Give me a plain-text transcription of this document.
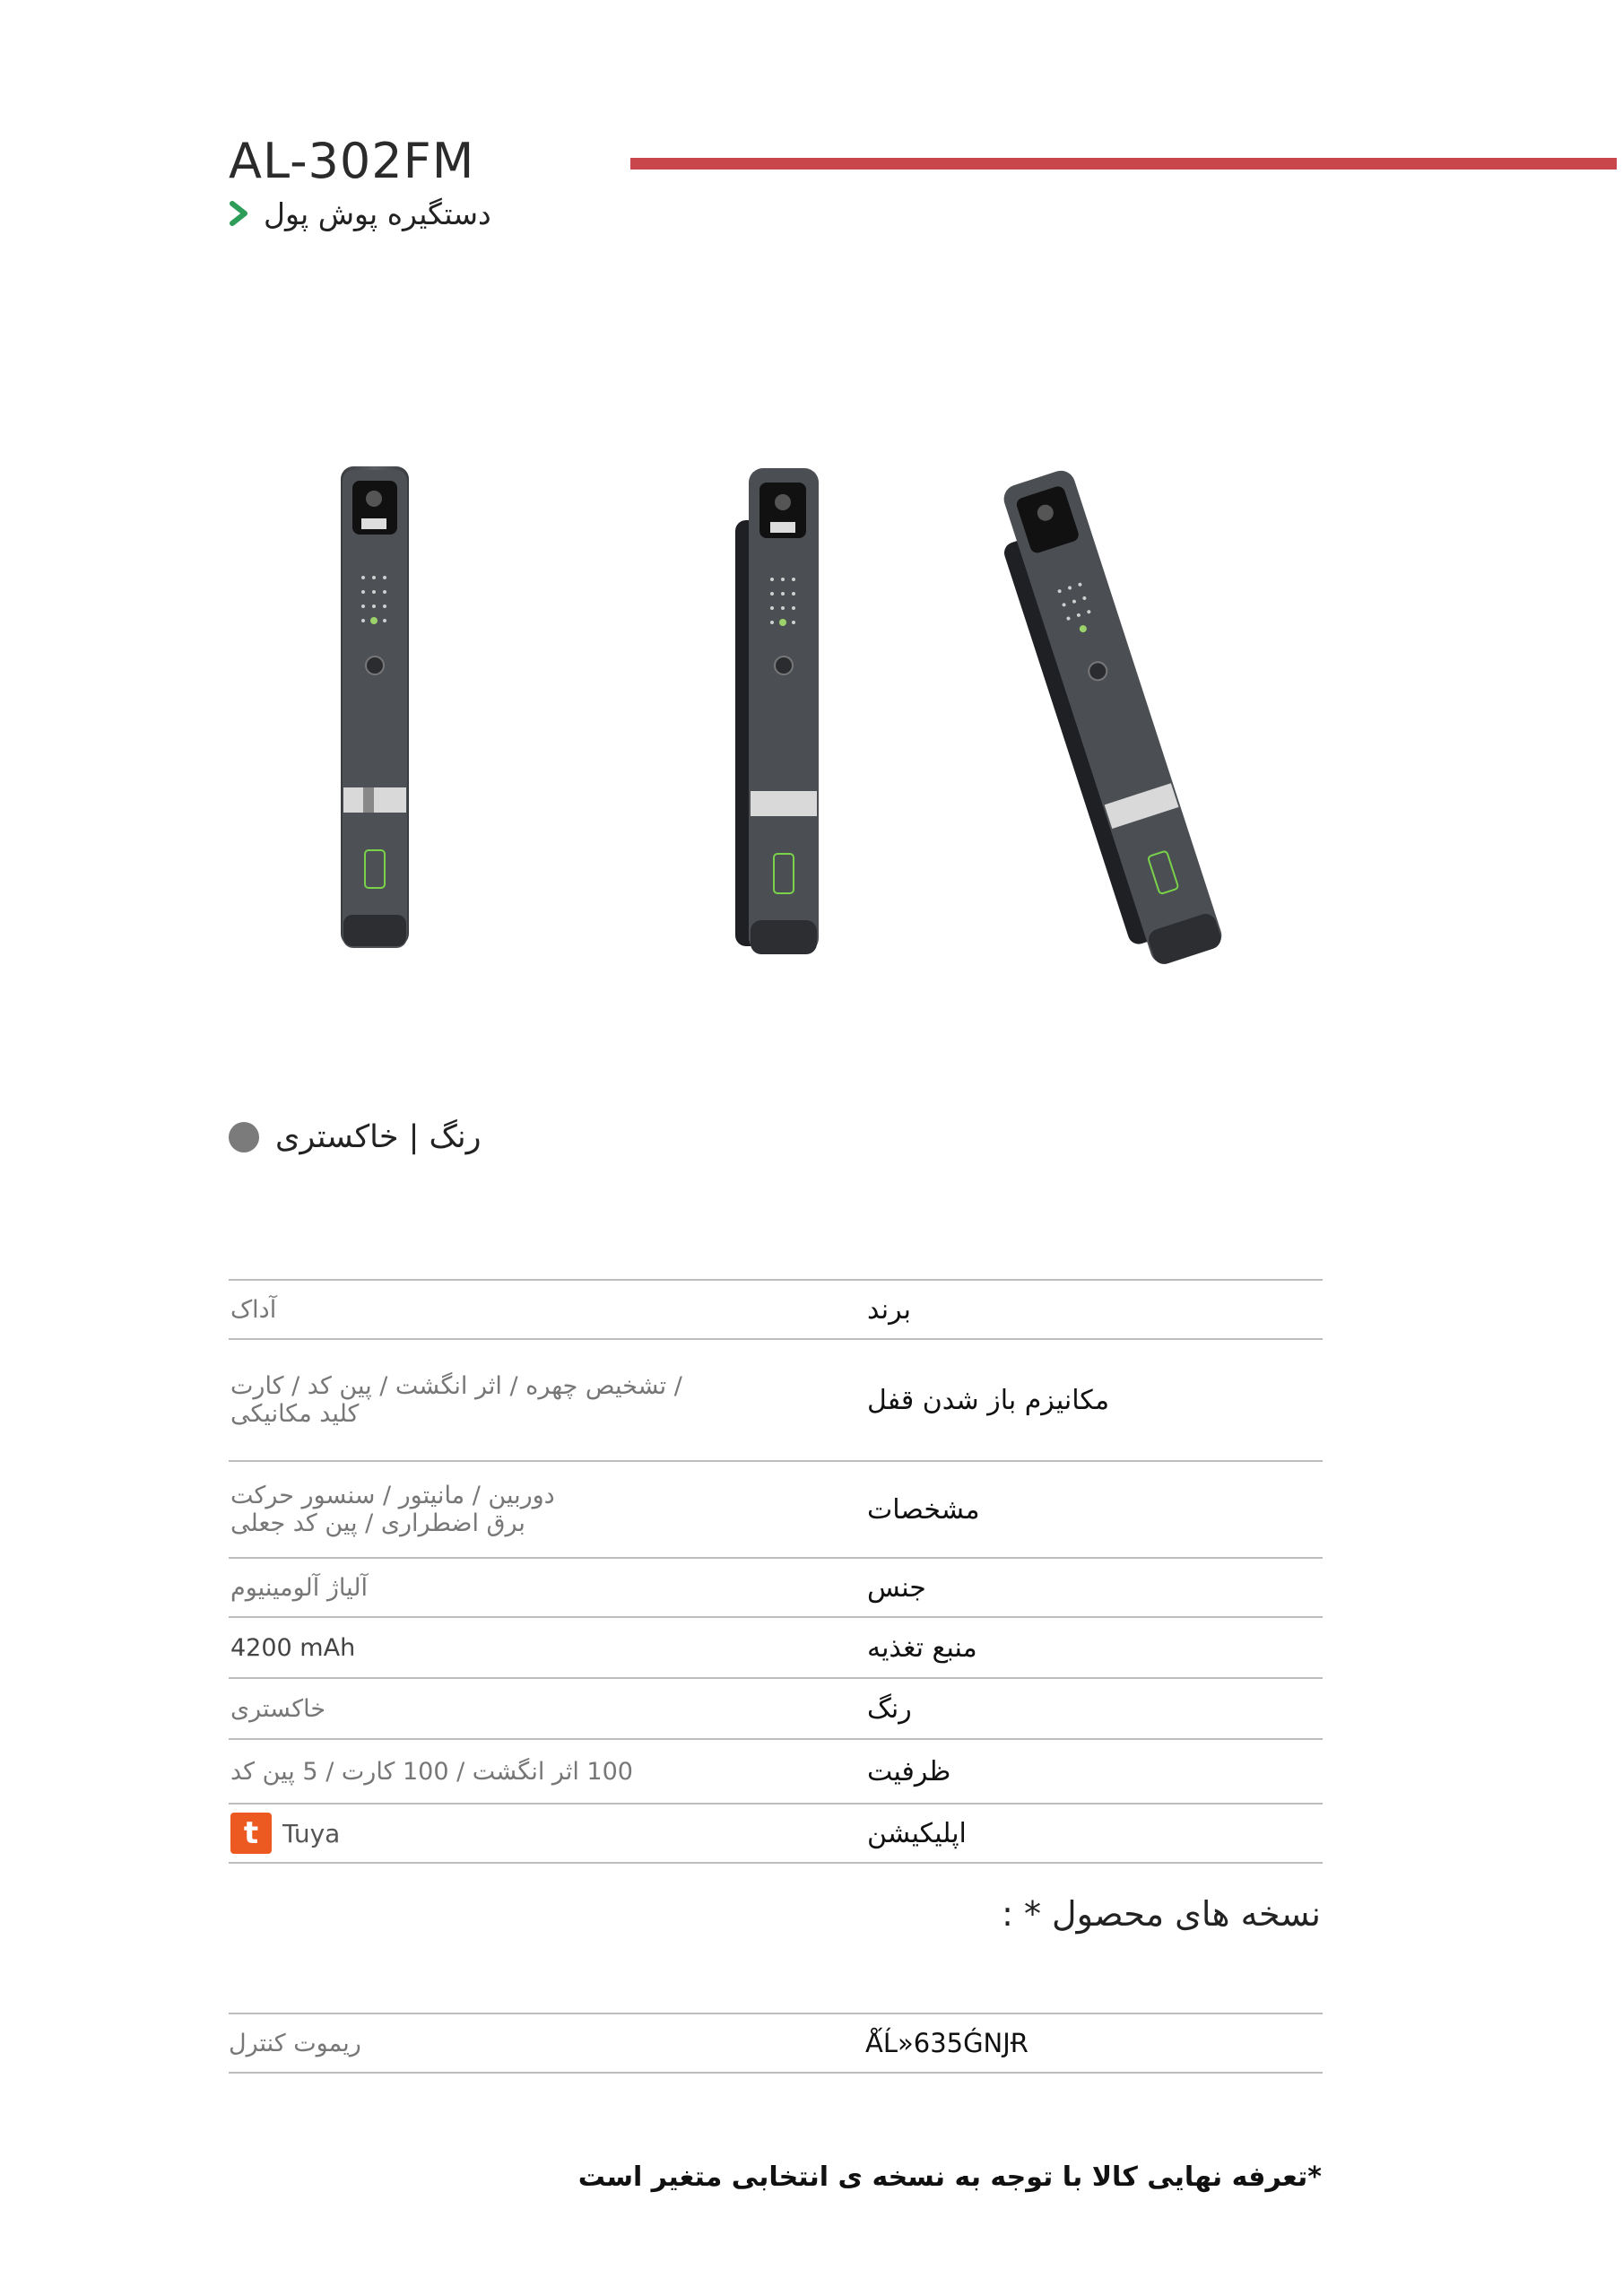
AL-302FM
دستگیره پوش پول
رنگ | خاکستری
آداک	برند
/ تشخیص چهره / اثر انگشت / پین کد / کارت
کلید مکانیکی	مکانیزم باز شدن قفل
دوربین / مانیتور / سنسور حرکت
برق اضطراری / پین کد جعلی	مشخصات
آلیاژ آلومینیوم	جنس
4200 mAh	منبع تغذیه
خاکستری	رنگ
100 اثر انگشت / 100 کارت / 5 پین کد	ظرفیت
t Tuya	اپلیکیشن
نسخه های محصول * :
ریموت کنترل	ǺĹ»635ǴNJɌ
*تعرفه نهایی کالا با توجه به نسخه ی انتخابی متغیر است
